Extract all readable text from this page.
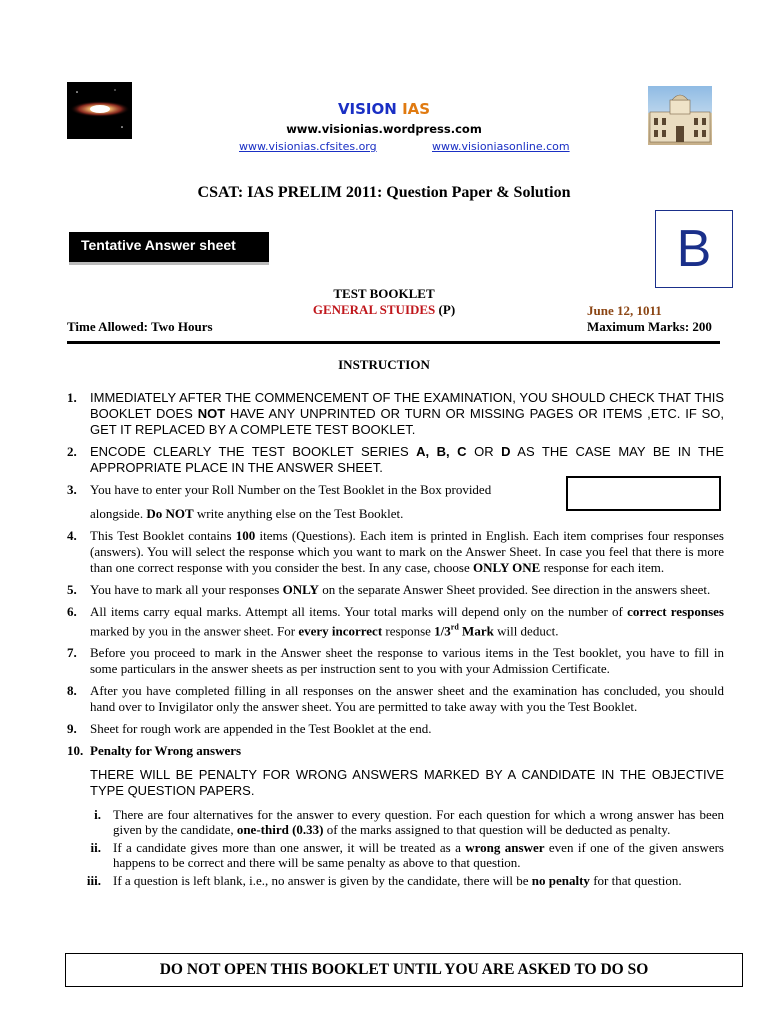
VISION IAS
www.visionias.wordpress.com
www.visionias.cfsites.org	www.visioniasonline.com
CSAT: IAS PRELIM 2011: Question Paper & Solution
Tentative Answer sheet	B
TEST BOOKLET
GENERAL STUIDES (P)	June 12, 1011
Time Allowed: Two Hours	Maximum Marks: 200
INSTRUCTION
1.	IMMEDIATELY AFTER THE COMMENCEMENT OF THE EXAMINATION, YOU SHOULD CHECK THAT THIS BOOKLET DOES NOT HAVE ANY UNPRINTED OR TURN OR MISSING PAGES OR ITEMS ,ETC. IF SO, GET IT REPLACED BY A COMPLETE TEST BOOKLET.
2.	ENCODE CLEARLY THE TEST BOOKLET SERIES A, B, C OR D AS THE CASE MAY BE IN THE APPROPRIATE PLACE IN THE ANSWER SHEET.
3.	You have to enter your Roll Number on the Test Booklet in the Box provided
alongside. Do NOT write anything else on the Test Booklet.
4.	This Test Booklet contains 100 items (Questions). Each item is printed in English. Each item comprises four responses (answers). You will select the response which you want to mark on the Answer Sheet. In case you feel that there is more than one correct response with you consider the best. In any case, choose ONLY ONE response for each item.
5.	You have to mark all your responses ONLY on the separate Answer Sheet provided. See direction in the answers sheet.
6.	All items carry equal marks. Attempt all items. Your total marks will depend only on the number of correct responses marked by you in the answer sheet. For every incorrect response 1/3rd Mark will deduct.
7.	Before you proceed to mark in the Answer sheet the response to various items in the Test booklet, you have to fill in some particulars in the answer sheets as per instruction sent to you with your Admission Certificate.
8.	After you have completed filling in all responses on the answer sheet and the examination has concluded, you should hand over to Invigilator only the answer sheet. You are permitted to take away with you the Test Booklet.
9.	Sheet for rough work are appended in the Test Booklet at the end.
10. Penalty for Wrong answers
THERE WILL BE PENALTY FOR WRONG ANSWERS MARKED BY A CANDIDATE IN THE OBJECTIVE TYPE QUESTION PAPERS.
i. There are four alternatives for the answer to every question. For each question for which a wrong answer has been given by the candidate, one-third (0.33) of the marks assigned to that question will be deducted as penalty.
ii. If a candidate gives more than one answer, it will be treated as a wrong answer even if one of the given answers happens to be correct and there will be same penalty as above to that question.
iii. If a question is left blank, i.e., no answer is given by the candidate, there will be no penalty for that question.
DO NOT OPEN THIS BOOKLET UNTIL YOU ARE ASKED TO DO SO
